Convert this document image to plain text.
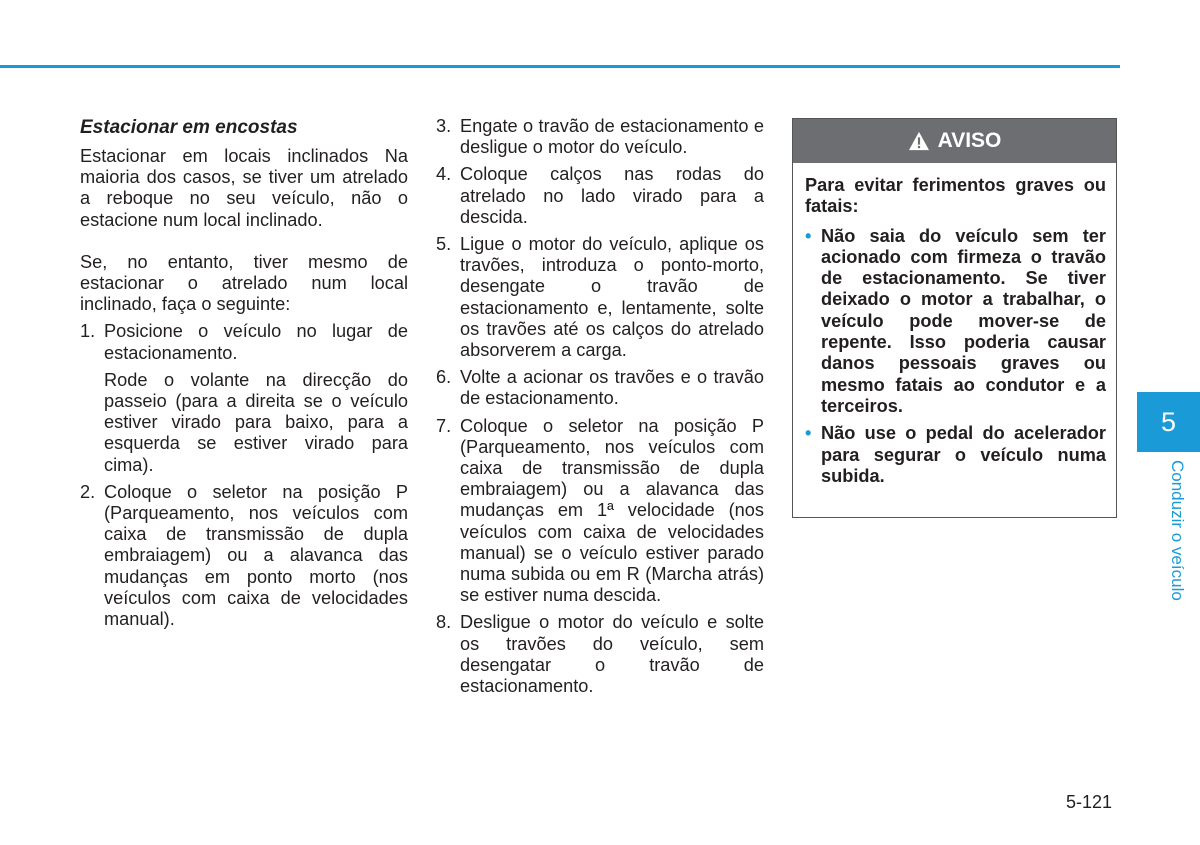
Estacionar em encostas

Estacionar em locais inclinados Na maioria dos casos, se tiver um atrelado a reboque no seu veículo, não o estacione num local inclinado.

Se, no entanto, tiver mesmo de estacionar o atrelado num local inclinado, faça o seguinte:

1. Posicione o veículo no lugar de estacionamento.

Rode o volante na direcção do passeio (para a direita se o veículo estiver virado para baixo, para a esquerda se estiver virado para cima).

2. Coloque o seletor na posição P (Parqueamento, nos veículos com caixa de transmissão de dupla embraiagem) ou a alavanca das mudanças em ponto morto (nos veículos com caixa de velocidades manual).
3. Engate o travão de estacionamento e desligue o motor do veículo.
4. Coloque calços nas rodas do atrelado no lado virado para a descida.
5. Ligue o motor do veículo, aplique os travões, introduza o ponto-morto, desengate o travão de estacionamento e, lentamente, solte os travões até os calços do atrelado absorverem a carga.
6. Volte a acionar os travões e o travão de estacionamento.
7. Coloque o seletor na posição P (Parqueamento, nos veículos com caixa de transmissão de dupla embraiagem) ou a alavanca das mudanças em 1ª velocidade (nos veículos com caixa de velocidades manual) se o veículo estiver parado numa subida ou em R (Marcha atrás) se estiver numa descida.
8. Desligue o motor do veículo e solte os travões do veículo, sem desengatar o travão de estacionamento.
AVISO

Para evitar ferimentos graves ou fatais:

• Não saia do veículo sem ter acionado com firmeza o travão de estacionamento. Se tiver deixado o motor a trabalhar, o veículo pode mover-se de repente. Isso poderia causar danos pessoais graves ou mesmo fatais ao condutor e a terceiros.
• Não use o pedal do acelerador para segurar o veículo numa subida.
5
Conduzir o veículo
5-121
